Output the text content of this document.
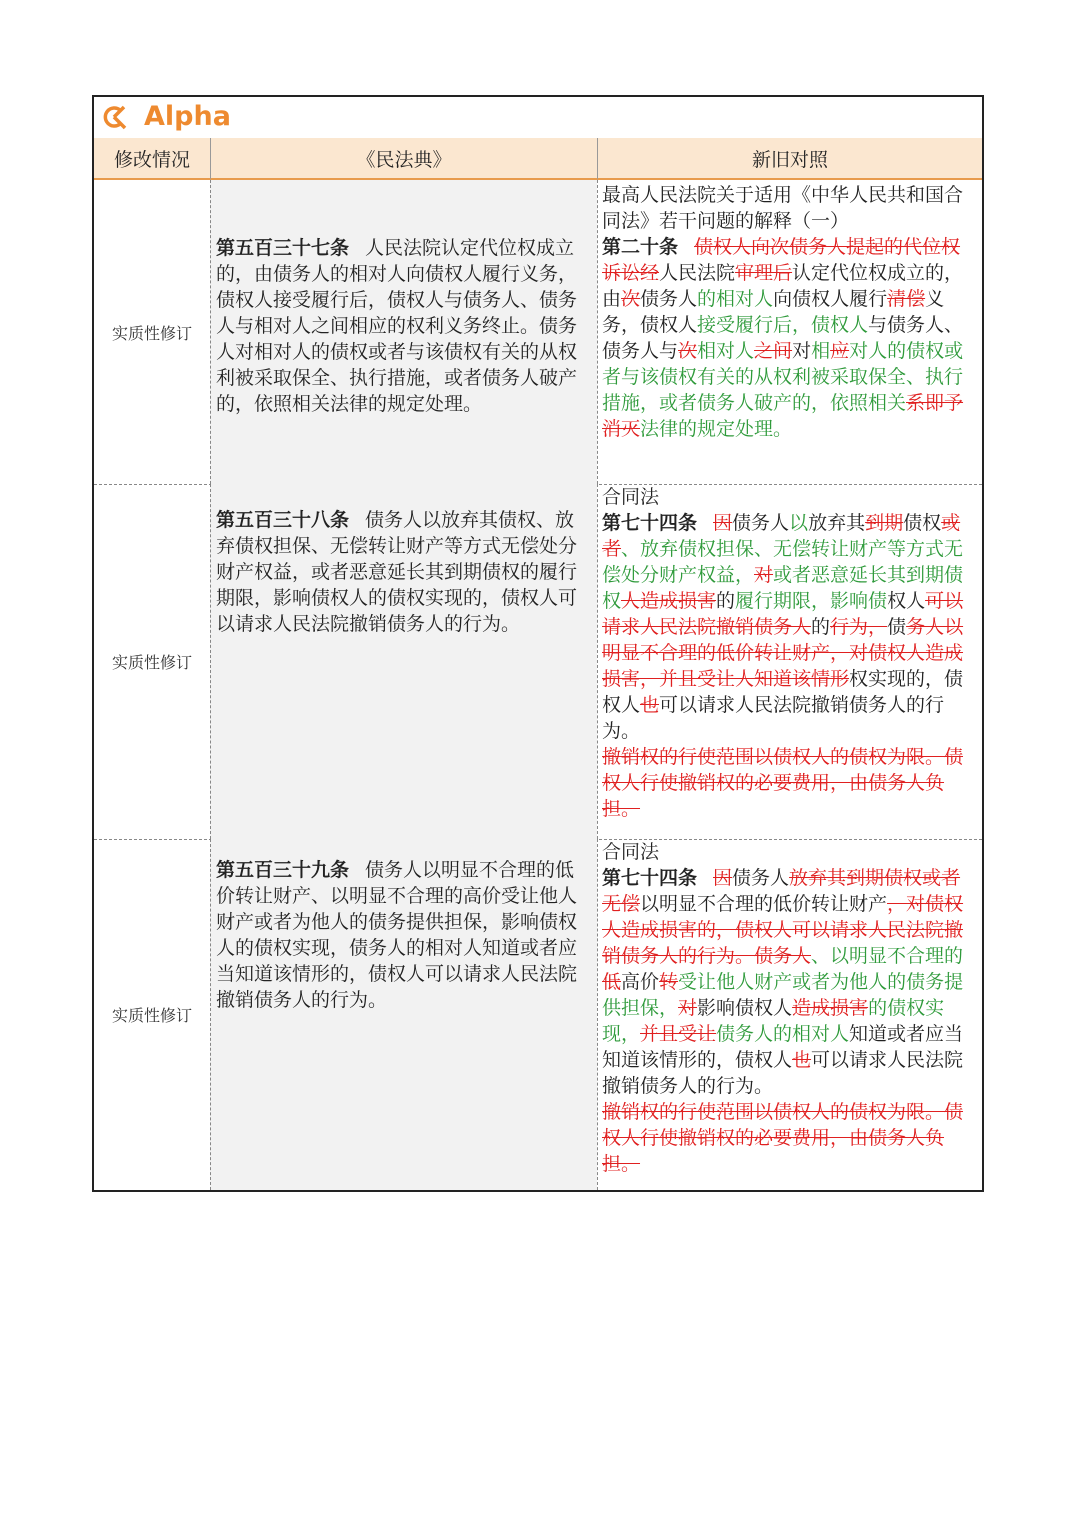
Alpha
修改情况	《民法典》	新旧对照
实质性修订
第五百三十七条 人民法院认定代位权成立的，由债务人的相对人向债权人履行义务，债权人接受履行后，债权人与债务人、债务人与相对人之间相应的权利义务终止。债务人对相对人的债权或者与该债权有关的从权利被采取保全、执行措施，或者债务人破产的，依照相关法律的规定处理。
最高人民法院关于适用《中华人民共和国合同法》若干问题的解释（一）
第二十条 债权人向次债务人提起的代位权诉讼经人民法院审理后认定代位权成立的，由次债务人的相对人向债权人履行清偿义务，债权人接受履行后，债权人与债务人、债务人与次相对人之间对相应对人的债权或者与该债权有关的从权利被采取保全、执行措施，或者债务人破产的，依照相关系即予消灭法律的规定处理。
实质性修订
第五百三十八条 债务人以放弃其债权、放弃债权担保、无偿转让财产等方式无偿处分财产权益，或者恶意延长其到期债权的履行期限，影响债权人的债权实现的，债权人可以请求人民法院撤销债务人的行为。
合同法
第七十四条 因债务人以放弃其到期债权或者、放弃债权担保、无偿转让财产等方式无偿处分财产权益，对或者恶意延长其到期债权人造成损害的履行期限，影响债权人可以请求人民法院撤销债务人的行为，债务人以明显不合理的低价转让财产，对债权人造成损害，并且受让人知道该情形权实现的，债权人也可以请求人民法院撤销债务人的行为。
撤销权的行使范围以债权人的债权为限。债权人行使撤销权的必要费用，由债务人负担。
实质性修订
第五百三十九条 债务人以明显不合理的低价转让财产、以明显不合理的高价受让他人财产或者为他人的债务提供担保，影响债权人的债权实现，债务人的相对人知道或者应当知道该情形的，债权人可以请求人民法院撤销债务人的行为。
合同法
第七十四条 因债务人放弃其到期债权或者无偿以明显不合理的低价转让财产，对债权人造成损害的，债权人可以请求人民法院撤销债务人的行为。债务人、以明显不合理的低高价转受让他人财产或者为他人的债务提供担保，对影响债权人造成损害的债权实现，并且受让债务人的相对人知道或者应当知道该情形的，债权人也可以请求人民法院撤销债务人的行为。
撤销权的行使范围以债权人的债权为限。债权人行使撤销权的必要费用，由债务人负担。
